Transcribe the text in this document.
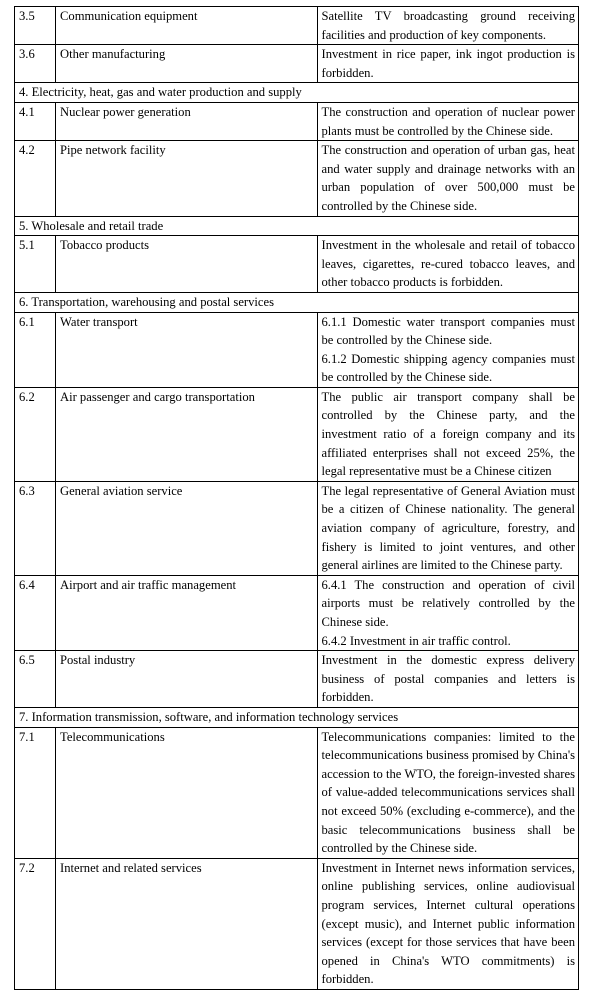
3.5	Communication equipment	Satellite TV broadcasting ground receiving facilities and production of key components.

3.6	Other manufacturing	Investment in rice paper, ink ingot production is forbidden.

4. Electricity, heat, gas and water production and supply		
4.1	Nuclear power generation	The construction and operation of nuclear power plants must be controlled by the Chinese side.

4.2	Pipe network facility	The construction and operation of urban gas, heat and water supply and drainage networks with an urban population of over 500,000 must be controlled by the Chinese side.

5. Wholesale and retail trade		
5.1	Tobacco products	Investment in the wholesale and retail of tobacco leaves, cigarettes, re-cured tobacco leaves, and other tobacco products is forbidden.

6. Transportation, warehousing and postal services		
6.1	Water transport	6.1.1 Domestic water transport companies must be controlled by the Chinese side.
6.1.2 Domestic shipping agency companies must be controlled by the Chinese side.

6.2	Air passenger and cargo transportation	The public air transport company shall be controlled by the Chinese party, and the investment ratio of a foreign company and its affiliated enterprises shall not exceed 25%, the legal representative must be a Chinese citizen

6.3	General aviation service	The legal representative of General Aviation must be a citizen of Chinese nationality. The general aviation company of agriculture, forestry, and fishery is limited to joint ventures, and other general airlines are limited to the Chinese party.

6.4	Airport and air traffic management	6.4.1 The construction and operation of civil airports must be relatively controlled by the Chinese side.
6.4.2 Investment in air traffic control.

6.5	Postal industry	Investment in the domestic express delivery business of postal companies and letters is forbidden.

7. Information transmission, software, and information technology services		
7.1	Telecommunications	Telecommunications companies: limited to the telecommunications business promised by China's accession to the WTO, the foreign-invested shares of value-added telecommunications services shall not exceed 50% (excluding e-commerce), and the basic telecommunications business shall be controlled by the Chinese side.

7.2	Internet and related services	Investment in Internet news information services, online publishing services, online audiovisual program services, Internet cultural operations (except music), and Internet public information services (except for those services that have been opened in China's WTO commitments) is forbidden.
